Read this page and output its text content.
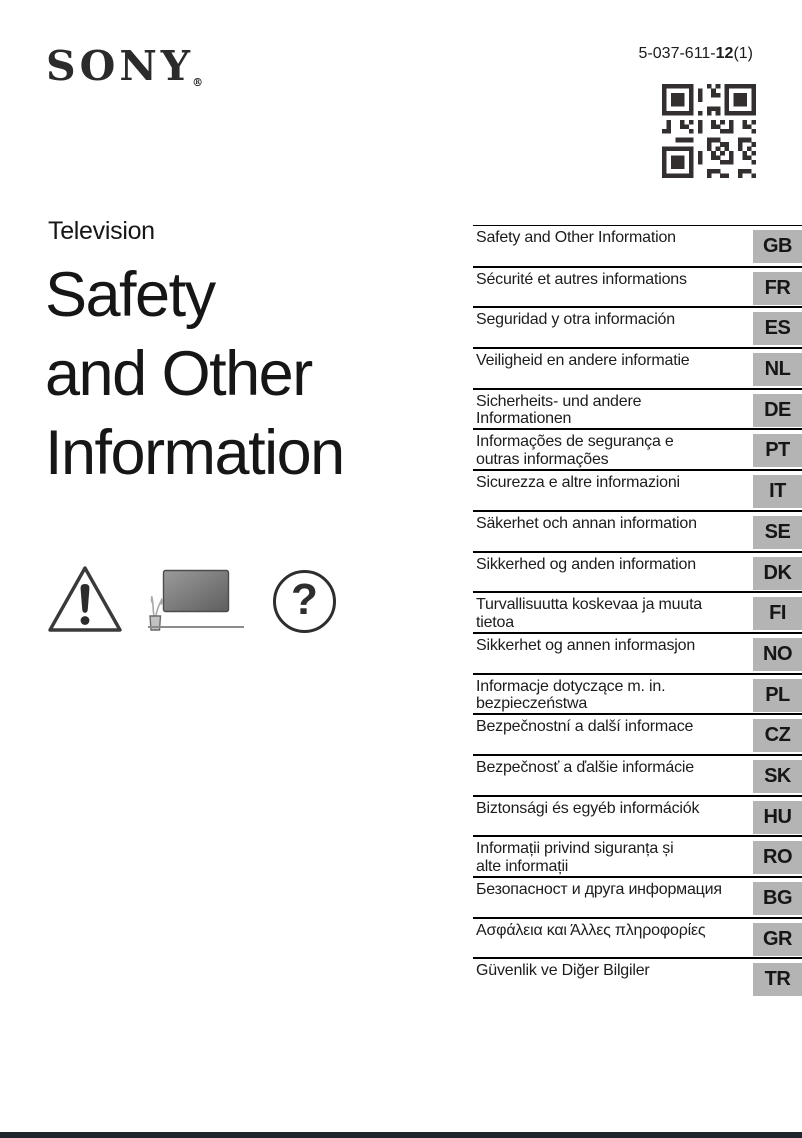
SONY®
5-037-611-12(1)
Television
Safety
and Other
Information
?
Safety and Other Information	GB
Sécurité et autres informations	FR
Seguridad y otra información	ES
Veiligheid en andere informatie	NL
Sicherheits- und andere
Informationen	DE
Informações de segurança e
outras informações	PT
Sicurezza e altre informazioni	IT
Säkerhet och annan information	SE
Sikkerhed og anden information	DK
Turvallisuutta koskevaa ja muuta
tietoa	FI
Sikkerhet og annen informasjon	NO
Informacje dotyczące m. in.
bezpieczeństwa	PL
Bezpečnostní a další informace	CZ
Bezpečnosť a ďalšie informácie	SK
Biztonsági és egyéb információk	HU
Informații privind siguranța și
alte informații	RO
Безопасност и друга информация	BG
Ασφάλεια και Άλλες πληροφορίες	GR
Güvenlik ve Diğer Bilgiler	TR
